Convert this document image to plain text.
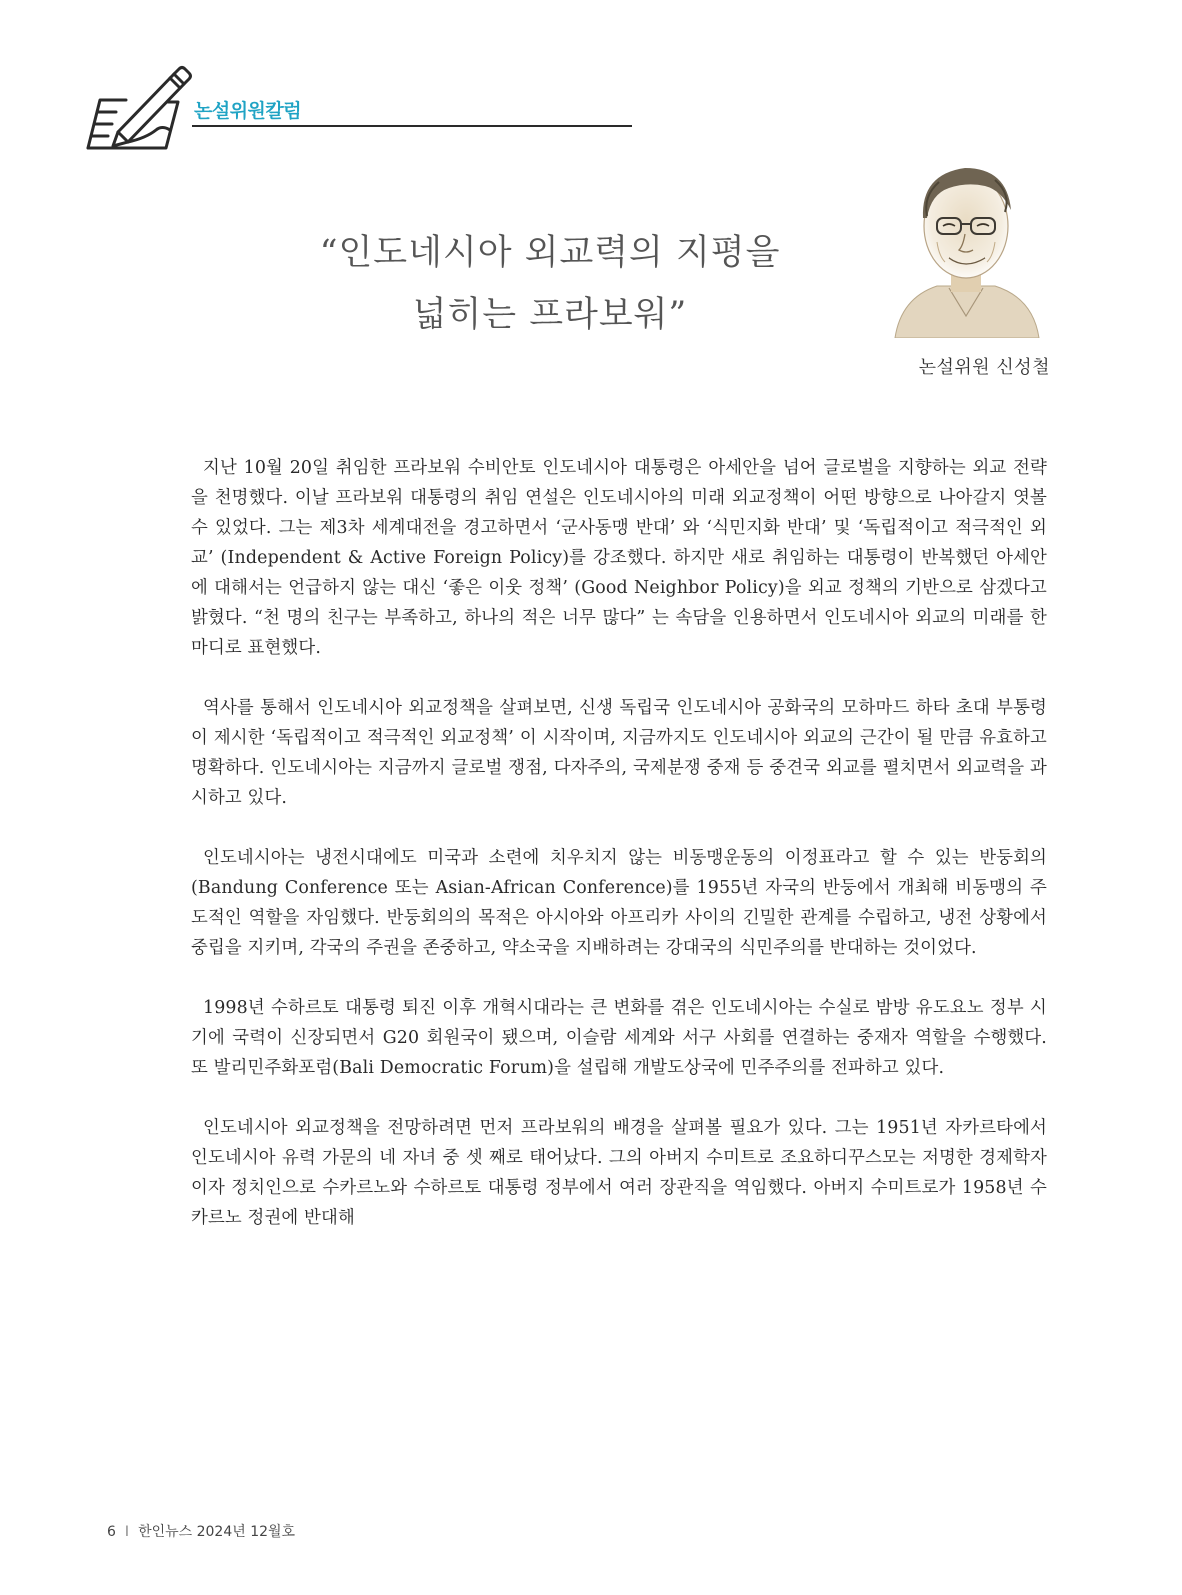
논설위원칼럼
“인도네시아 외교력의 지평을
넓히는 프라보워”
논설위원 신성철

지난 10월 20일 취임한 프라보워 수비안토 인도네시아 대통령은 아세안을 넘어 글로벌을 지향하는 외교 전략을 천명했다. 이날 프라보워 대통령의 취임 연설은 인도네시아의 미래 외교정책이 어떤 방향으로 나아갈지 엿볼 수 있었다. 그는 제3차 세계대전을 경고하면서 ‘군사동맹 반대’ 와 ‘식민지화 반대’ 및 ‘독립적이고 적극적인 외교’ (Independent & Active Foreign Policy)를 강조했다. 하지만 새로 취임하는 대통령이 반복했던 아세안에 대해서는 언급하지 않는 대신 ‘좋은 이웃 정책’ (Good Neighbor Policy)을 외교 정책의 기반으로 삼겠다고 밝혔다. “천 명의 친구는 부족하고, 하나의 적은 너무 많다” 는 속담을 인용하면서 인도네시아 외교의 미래를 한마디로 표현했다.

역사를 통해서 인도네시아 외교정책을 살펴보면, 신생 독립국 인도네시아 공화국의 모하마드 하타 초대 부통령이 제시한 ‘독립적이고 적극적인 외교정책’ 이 시작이며, 지금까지도 인도네시아 외교의 근간이 될 만큼 유효하고 명확하다. 인도네시아는 지금까지 글로벌 쟁점, 다자주의, 국제분쟁 중재 등 중견국 외교를 펼치면서 외교력을 과시하고 있다.

인도네시아는 냉전시대에도 미국과 소련에 치우치지 않는 비동맹운동의 이정표라고 할 수 있는 반둥회의(Bandung Conference 또는 Asian-African Conference)를 1955년 자국의 반둥에서 개최해 비동맹의 주도적인 역할을 자임했다. 반둥회의의 목적은 아시아와 아프리카 사이의 긴밀한 관계를 수립하고, 냉전 상황에서 중립을 지키며, 각국의 주권을 존중하고, 약소국을 지배하려는 강대국의 식민주의를 반대하는 것이었다.

1998년 수하르토 대통령 퇴진 이후 개혁시대라는 큰 변화를 겪은 인도네시아는 수실로 밤방 유도요노 정부 시기에 국력이 신장되면서 G20 회원국이 됐으며, 이슬람 세계와 서구 사회를 연결하는 중재자 역할을 수행했다. 또 발리민주화포럼(Bali Democratic Forum)을 설립해 개발도상국에 민주주의를 전파하고 있다.

인도네시아 외교정책을 전망하려면 먼저 프라보워의 배경을 살펴볼 필요가 있다. 그는 1951년 자카르타에서 인도네시아 유력 가문의 네 자녀 중 셋 째로 태어났다. 그의 아버지 수미트로 조요하디꾸스모는 저명한 경제학자이자 정치인으로 수카르노와 수하르토 대통령 정부에서 여러 장관직을 역임했다. 아버지 수미트로가 1958년 수카르노 정권에 반대해

6 I 한인뉴스 2024년 12월호
